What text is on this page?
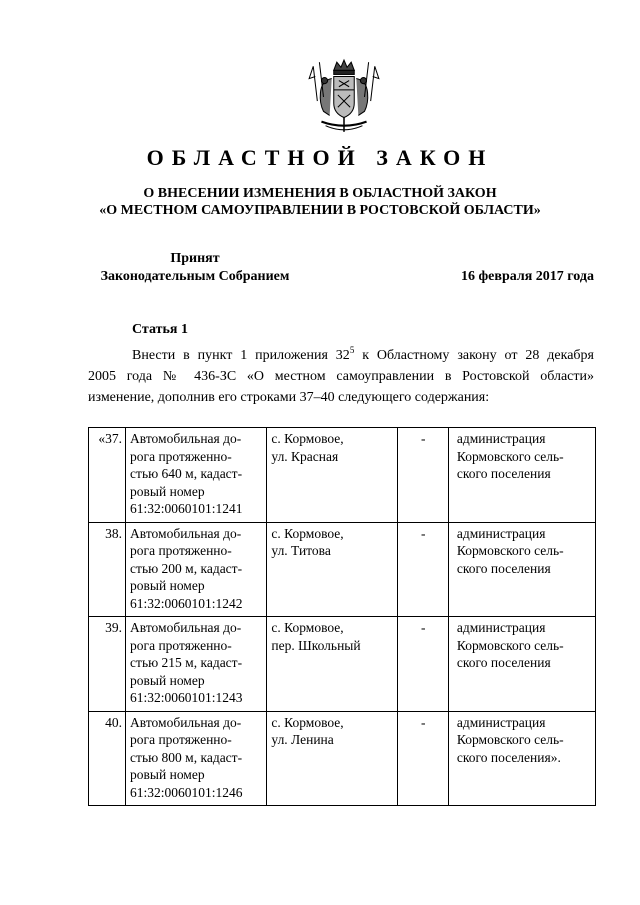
ОБЛАСТНОЙ ЗАКОН
О ВНЕСЕНИИ ИЗМЕНЕНИЯ В ОБЛАСТНОЙ ЗАКОН
«О МЕСТНОМ САМОУПРАВЛЕНИИ В РОСТОВСКОЙ ОБЛАСТИ»
Принят
Законодательным Собранием	16 февраля 2017 года
Статья 1

Внести в пункт 1 приложения $32^5$ к Областному закону от 28 декабря

2005 года № 436-ЗС «О местном самоуправлении в Ростовской области»

изменение, дополнив его строками 37–40 следующего содержания:

«37.	Автомобильная до-
рога протяженно-
стью 640 м, кадаст-
ровый номер
61:32:0060101:1241	с. Кормовое,
ул. Красная	-	администрация
Кормовского сель-
ского поселения

38.	Автомобильная до-
рога протяженно-
стью 200 м, кадаст-
ровый номер
61:32:0060101:1242	с. Кормовое,
ул. Титова	-	администрация
Кормовского сель-
ского поселения

39.	Автомобильная до-
рога протяженно-
стью 215 м, кадаст-
ровый номер
61:32:0060101:1243	с. Кормовое,
пер. Школьный	-	администрация
Кормовского сель-
ского поселения

40.	Автомобильная до-
рога протяженно-
стью 800 м, кадаст-
ровый номер
61:32:0060101:1246	с. Кормовое,
ул. Ленина	-	администрация
Кормовского сель-
ского поселения».
